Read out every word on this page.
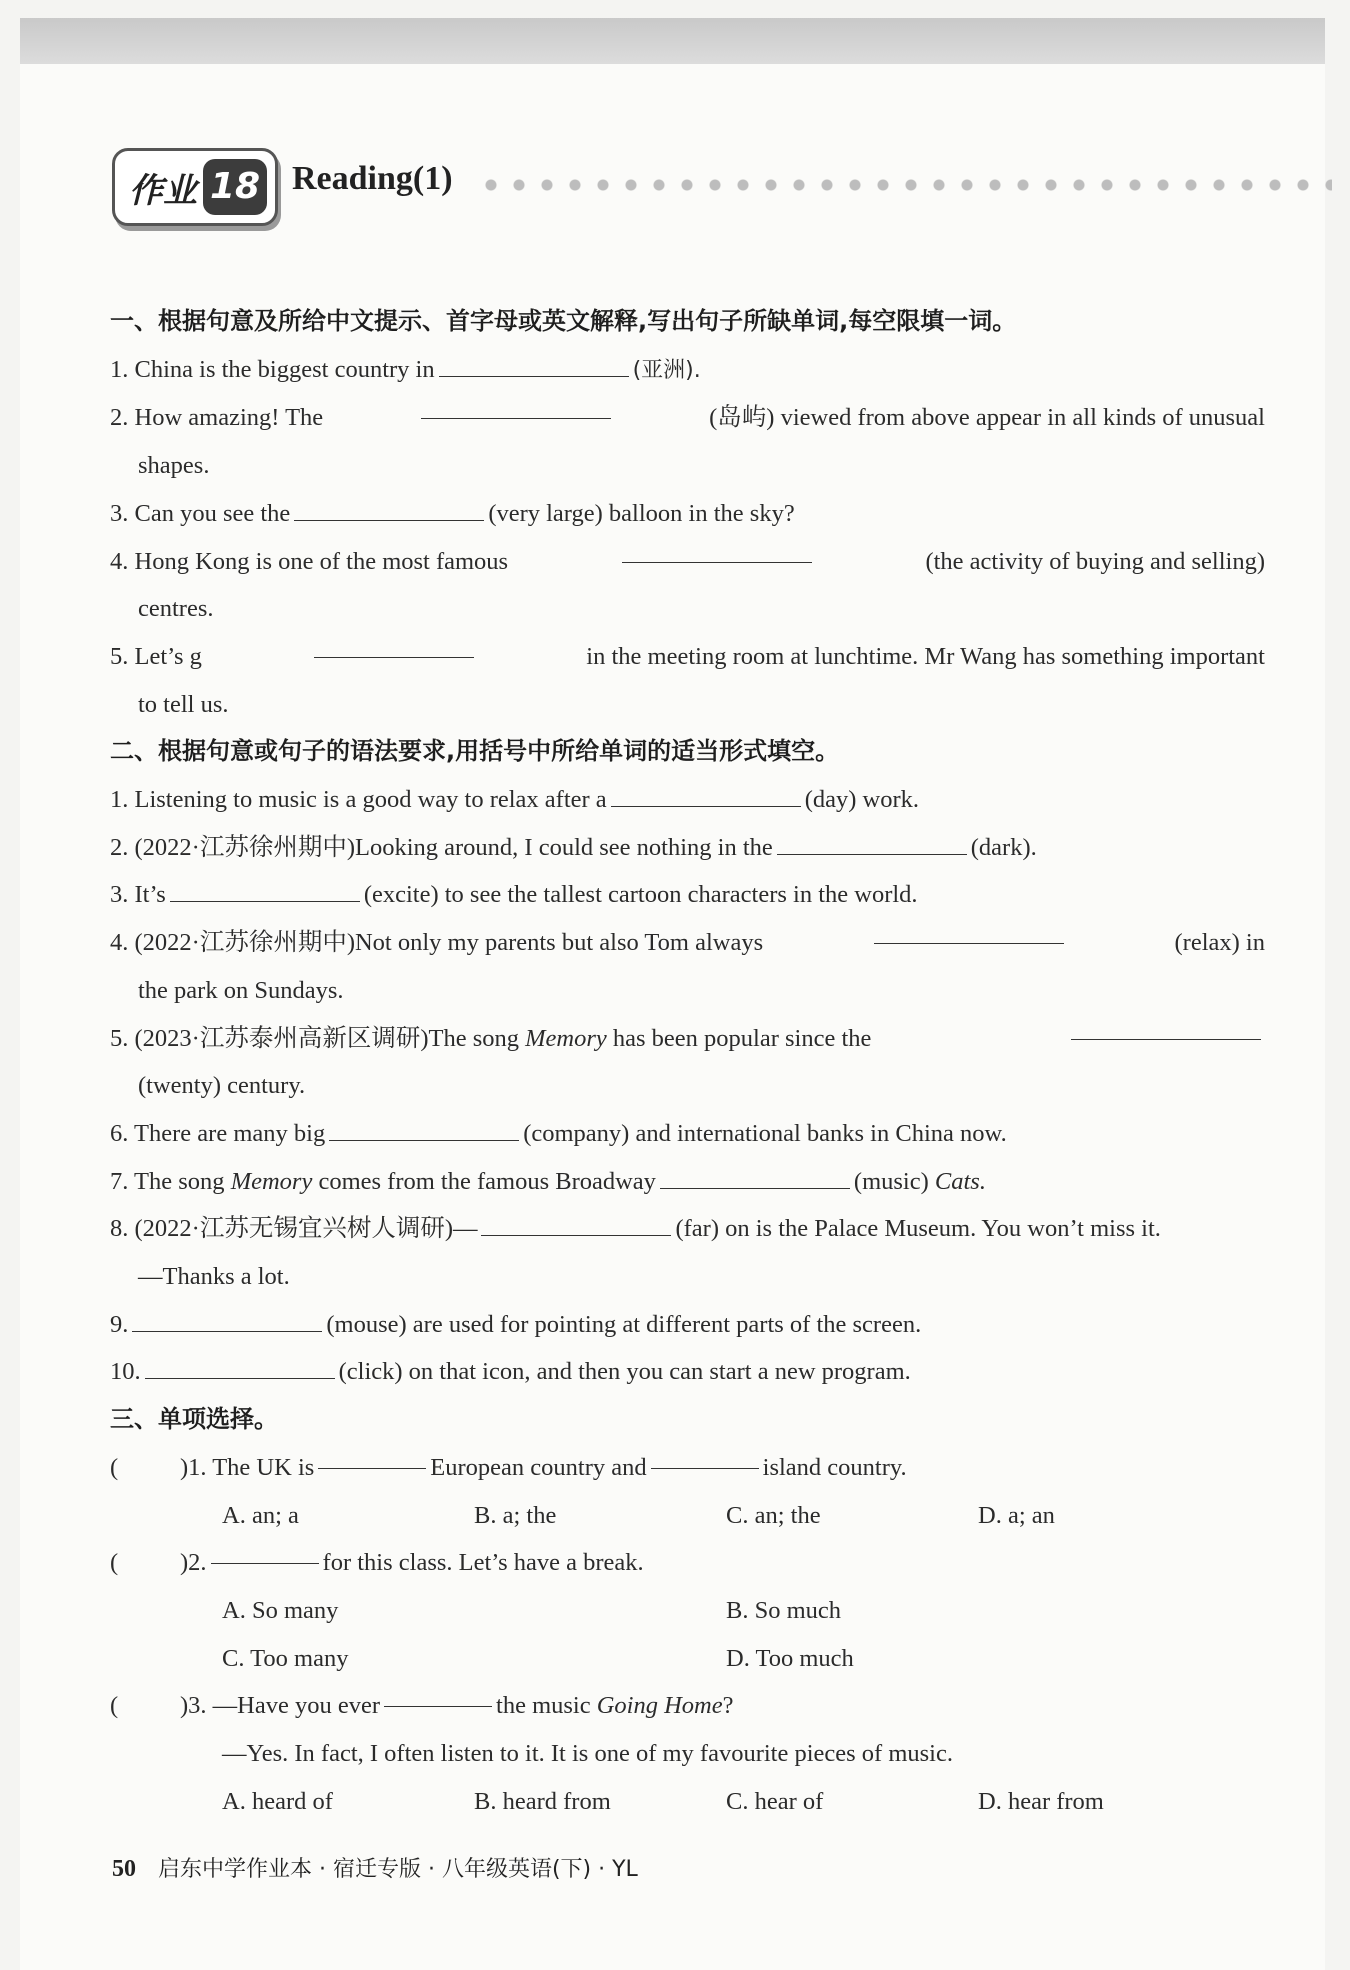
作业 18 Reading(1)
一、根据句意及所给中文提示、首字母或英文解释,写出句子所缺单词,每空限填一词。
1. China is the biggest country in	(亚洲).
2. How amazing! The	(岛屿) viewed from above appear in all kinds of unusual
shapes.
3. Can you see the	(very large) balloon in the sky?
4. Hong Kong is one of the most famous	(the activity of buying and selling)
centres.
5. Let’s g	in the meeting room at lunchtime. Mr Wang has something important
to tell us.
二、根据句意或句子的语法要求,用括号中所给单词的适当形式填空。
1. Listening to music is a good way to relax after a	(day) work.
2. (2022·江苏徐州期中)Looking around, I could see nothing in the	(dark).
3. It’s	(excite) to see the tallest cartoon characters in the world.
4. (2022·江苏徐州期中)Not only my parents but also Tom always	(relax) in
the park on Sundays.
5. (2023·江苏泰州高新区调研)The song Memory has been popular since the
(twenty) century.
6. There are many big	(company) and international banks in China now.
7. The song Memory comes from the famous Broadway	(music) Cats.
8. (2022·江苏无锡宜兴树人调研)—	(far) on is the Palace Museum. You won’t miss it.
—Thanks a lot.
9.	(mouse) are used for pointing at different parts of the screen.
10.	(click) on that icon, and then you can start a new program.
三、单项选择。
(	)1. The UK is	European country and	island country.
A. an; a	B. a; the	C. an; the	D. a; an
(	)2.	for this class. Let’s have a break.
A. So many	B. So much
C. Too many	D. Too much
(	)3. —Have you ever	the music
Going Home ?
—Yes. In fact, I often listen to it. It is one of my favourite pieces of music.
A. heard of	B. heard from	C. hear of	D. hear from
50 启东中学作业本 · 宿迁专版 · 八年级英语(下) · YL
